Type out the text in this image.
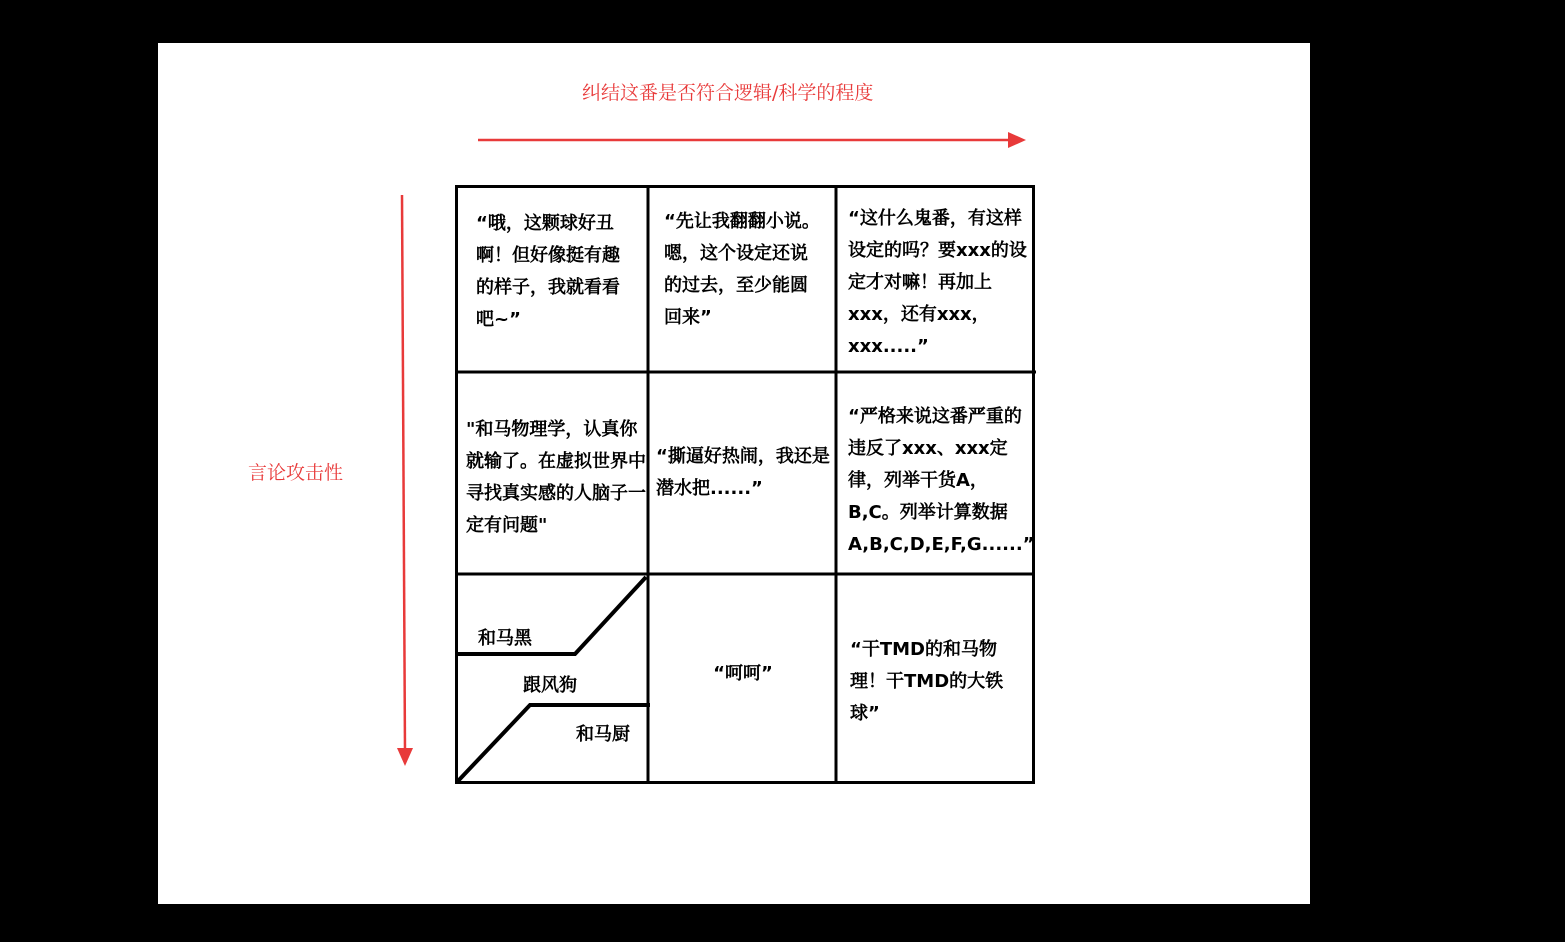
纠结这番是否符合逻辑/科学的程度
言论攻击性
“哦，这颗球好丑啊！但好像挺有趣的样子，我就看看吧~”
“先让我翻翻小说。嗯，这个设定还说的过去，至少能圆回来”
“这什么鬼番，有这样设定的吗？要xxx的设定才对嘛！再加上xxx，还有xxx，xxx.....”
"和马物理学，认真你就输了。在虚拟世界中寻找真实感的人脑子一定有问题"
“撕逼好热闹，我还是潜水把......”
“严格来说这番严重的违反了xxx、xxx定律，列举干货A，B,C。列举计算数据A,B,C,D,E,F,G......”
和马黑
跟风狗
和马厨
“呵呵”
“干TMD的和马物理！干TMD的大铁球”
